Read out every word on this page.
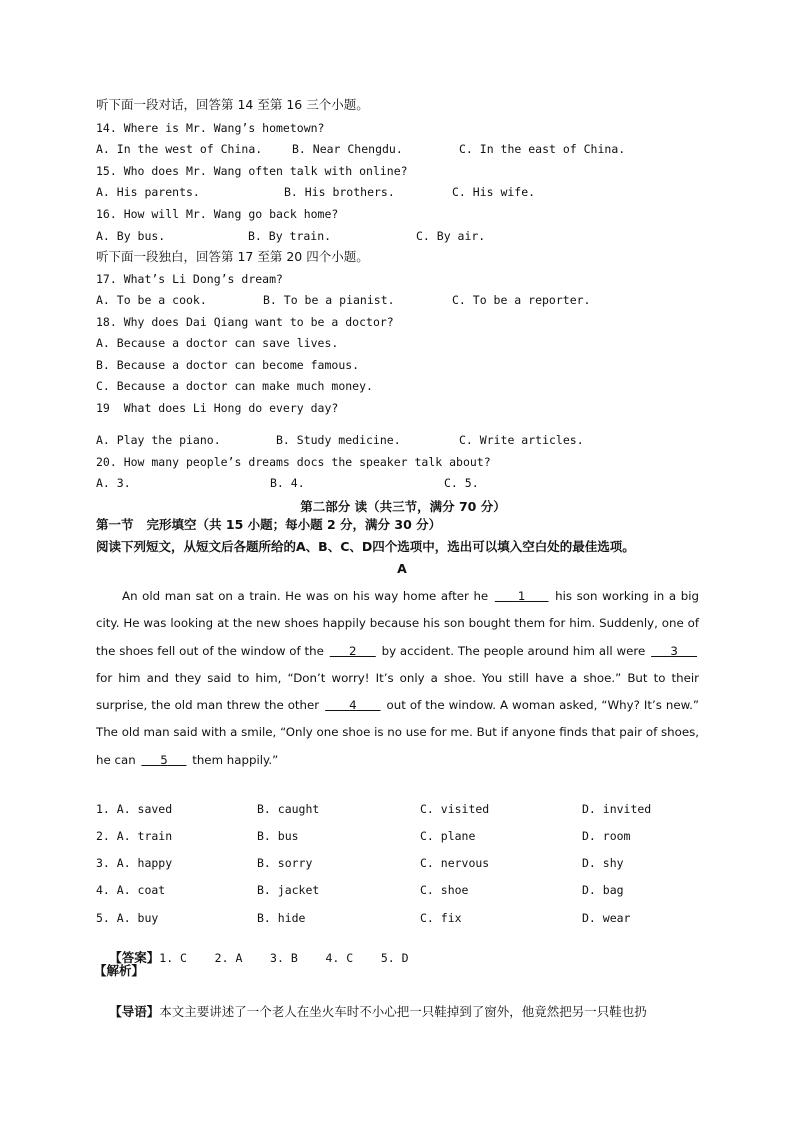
听下面一段对话，回答第 14 至第 16 三个小题。
14. Where is Mr. Wang’s hometown?
A. In the west of China.	B. Near Chengdu.	C. In the east of China.
15. Who does Mr. Wang often talk with online?
A. His parents.	B. His brothers.	C. His wife.
16. How will Mr. Wang go back home?
A. By bus.	B. By train.	C. By air.
听下面一段独白，回答第 17 至第 20 四个小题。
17. What’s Li Dong’s dream?
A. To be a cook.	B. To be a pianist.	C. To be a reporter.
18. Why does Dai Qiang want to be a doctor?
A. Because a doctor can save lives.
B. Because a doctor can become famous.
C. Because a doctor can make much money.
19  What does Li Hong do every day?
A. Play the piano.	B. Study medicine.	C. Write articles.
20. How many people’s dreams docs the speaker talk about?
A. 3.	B. 4.	C. 5.
第二部分 读（共三节，满分 70 分）
第一节   完形填空（共 15 小题；每小题 2 分，满分 30 分）
阅读下列短文，从短文后各题所给的A、B、C、D四个选项中，选出可以填入空白处的最佳选项。
A
An old man sat on a train. He was on his way home after he      1      his son working in a big city. He was looking at the new shoes happily because his son bought them for him. Suddenly, one of the shoes fell out of the window of the      2      by accident. The people around him all were      3      for him and they said to him, “Don’t worry! It’s only a shoe. You still have a shoe.” But to their surprise, the old man threw the other       4       out of the window. A woman asked, “Why? It’s new.” The old man said with a smile, “Only one shoe is no use for me. But if anyone finds that pair of shoes, he can      5      them happily.”
1. A. saved	B. caught	C. visited	D. invited
2. A. train	B. bus	C. plane	D. room
3. A. happy	B. sorry	C. nervous	D. shy
4. A. coat	B. jacket	C. shoe	D. bag
5. A. buy	B. hide	C. fix	D. wear

【答案】1. C    2. A    3. B    4. C    5. D

【解析】

【导语】本文主要讲述了一个老人在坐火车时不小心把一只鞋掉到了窗外，他竟然把另一只鞋也扔
